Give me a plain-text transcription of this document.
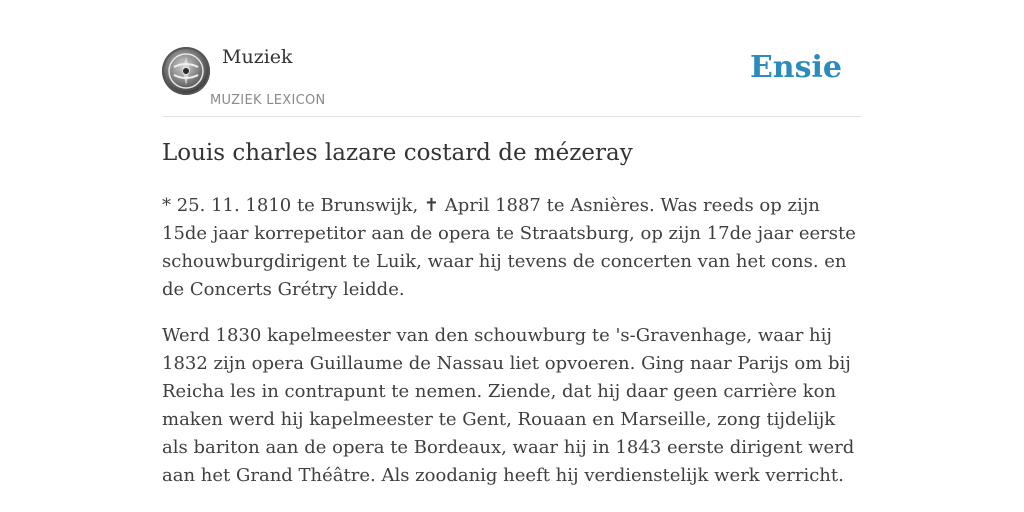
Muziek
MUZIEK LEXICON
Ensie
Louis charles lazare costard de mézeray

* 25. 11. 1810 te Brunswijk, ✝ April 1887 te Asnières. Was reeds op zijn 15de jaar korrepetitor aan de opera te Straatsburg, op zijn 17de jaar eerste schouwburgdirigent te Luik, waar hij tevens de concerten van het cons. en de Concerts Grétry leidde.

Werd 1830 kapelmeester van den schouwburg te 's-Gravenhage, waar hij 1832 zijn opera Guillaume de Nassau liet opvoeren. Ging naar Parijs om bij Reicha les in contrapunt te nemen. Ziende, dat hij daar geen carrière kon maken werd hij kapelmeester te Gent, Rouaan en Marseille, zong tijdelijk als bariton aan de opera te Bordeaux, waar hij in 1843 eerste dirigent werd aan het Grand Théâtre. Als zoodanig heeft hij verdienstelijk werk verricht.
